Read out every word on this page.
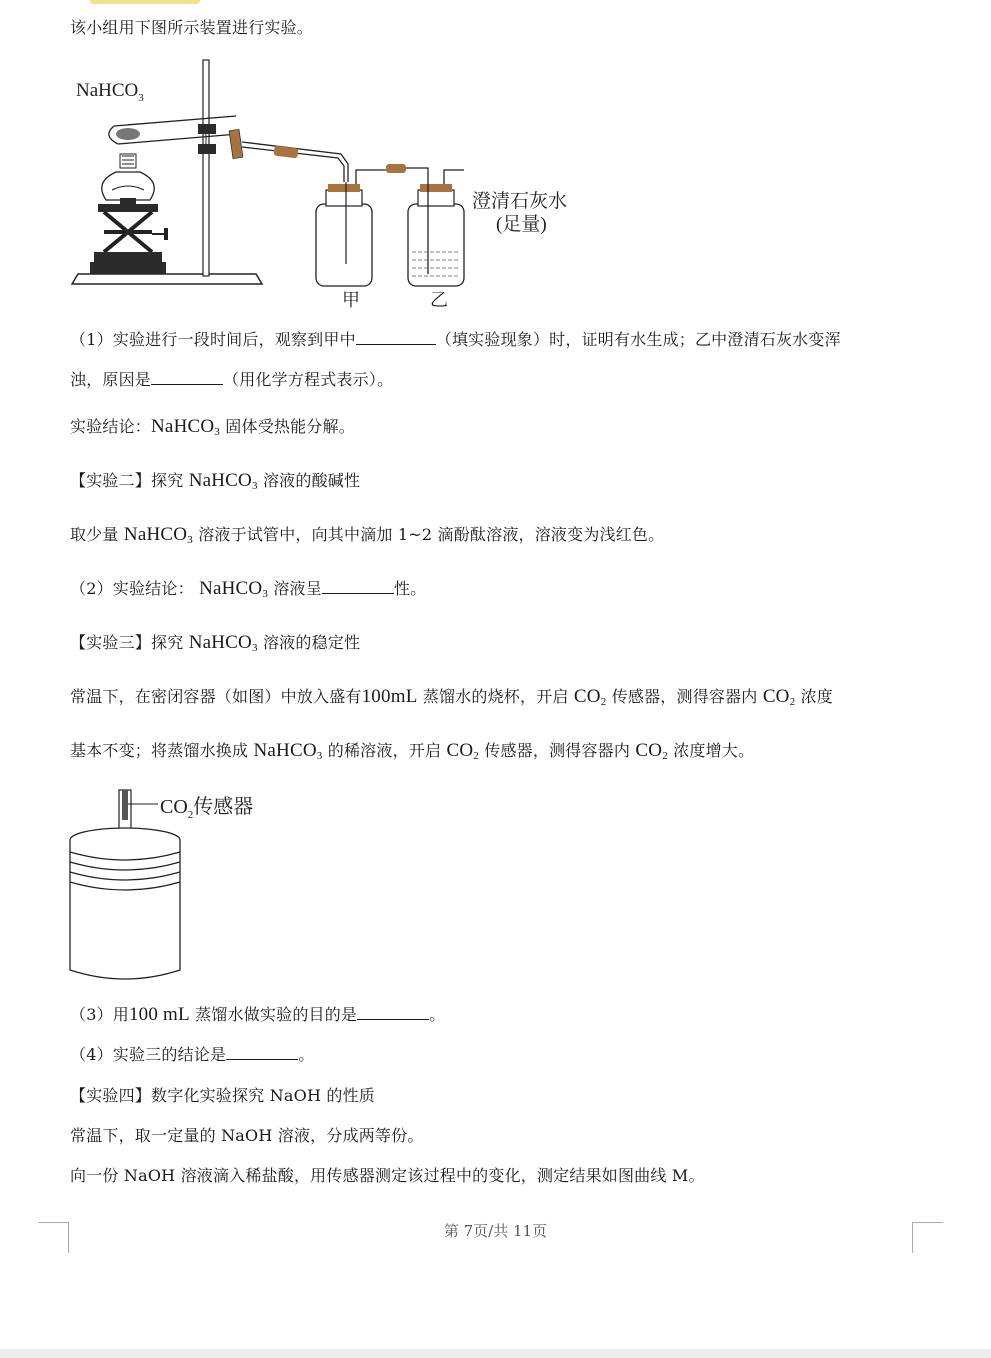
该小组用下图所示装置进行实验。
NaHCO$_3$
澄清石灰水
(足量)
甲	乙
（1）实验进行一段时间后，观察到甲中	（填实验现象）时，证明有水生成；乙中澄清石灰水变浑
浊，原因是	（用化学方程式表示）。
实验结论：NaHCO$_3$ 固体受热能分解。
【实验二】探究 NaHCO$_3$ 溶液的酸碱性
取少量 NaHCO$_3$ 溶液于试管中，向其中滴加 1~2 滴酚酞溶液，溶液变为浅红色。
（2）实验结论： NaHCO$_3$ 溶液呈	性。
【实验三】探究 NaHCO$_3$ 溶液的稳定性
常温下，在密闭容器（如图）中放入盛有100mL 蒸馏水的烧杯，开启 $CO_2$ 传感器，测得容器内 $CO_2$ 浓度
基本不变；将蒸馏水换成 NaHCO$_3$ 的稀溶液，开启 $CO_2$ 传感器，测得容器内 $CO_2$ 浓度增大。
$CO_2$传感器
（3）用100 mL 蒸馏水做实验的目的是	。
（4）实验三的结论是	。
【实验四】数字化实验探究 NaOH 的性质
常温下，取一定量的 NaOH 溶液，分成两等份。
向一份 NaOH 溶液滴入稀盐酸，用传感器测定该过程中的变化，测定结果如图曲线 M。
第 7页/共 11页
